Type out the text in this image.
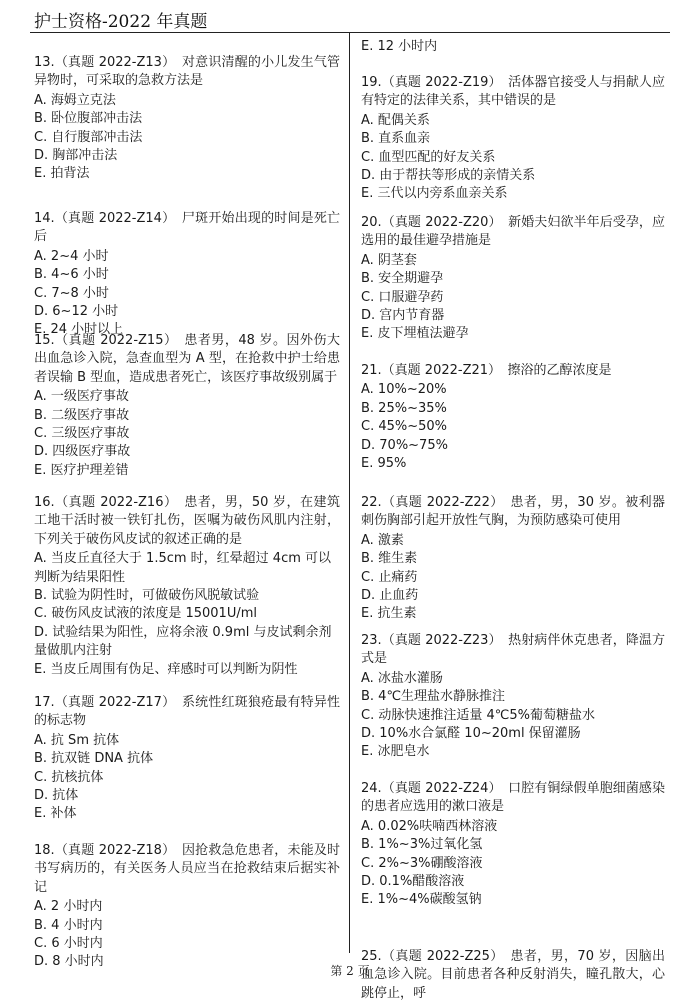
护士资格-2022 年真题

13.（真题 2022-Z13）　对意识清醒的小儿发生气管异物时，可采取的急救方法是

A. 海姆立克法

B. 卧位腹部冲击法

C. 自行腹部冲击法

D. 胸部冲击法

E. 拍背法

14.（真题 2022-Z14）　尸斑开始出现的时间是死亡后

A. 2~4 小时

B. 4~6 小时

C. 7~8 小时

D. 6~12 小时

E. 24 小时以上

15.（真题 2022-Z15）　患者男，48 岁。因外伤大出血急诊入院，急查血型为 A 型，在抢救中护士给患者误输 B 型血，造成患者死亡，该医疗事故级别属于

A. 一级医疗事故

B. 二级医疗事故

C. 三级医疗事故

D. 四级医疗事故

E. 医疗护理差错

16.（真题 2022-Z16）　患者，男，50 岁，在建筑工地干活时被一铁钉扎伤，医嘱为破伤风肌内注射，下列关于破伤风皮试的叙述正确的是

A. 当皮丘直径大于 1.5cm 时，红晕超过 4cm 可以判断为结果阳性

B. 试验为阴性时，可做破伤风脱敏试验

C. 破伤风皮试液的浓度是 15001U/ml

D. 试验结果为阳性，应将余液 0.9ml 与皮试剩余剂量做肌内注射

E. 当皮丘周围有伪足、痒感时可以判断为阴性

17.（真题 2022-Z17）　系统性红斑狼疮最有特异性的标志物

A. 抗 Sm 抗体

B. 抗双链 DNA 抗体

C. 抗核抗体

D. 抗体

E. 补体

18.（真题 2022-Z18）　因抢救急危患者，未能及时书写病历的，有关医务人员应当在抢救结束后据实补记

A. 2 小时内

B. 4 小时内

C. 6 小时内

D. 8 小时内

E. 12 小时内

19.（真题 2022-Z19）　活体器官接受人与捐献人应有特定的法律关系，其中错误的是

A. 配偶关系

B. 直系血亲

C. 血型匹配的好友关系

D. 由于帮扶等形成的亲情关系

E. 三代以内旁系血亲关系

20.（真题 2022-Z20）　新婚夫妇欲半年后受孕，应选用的最佳避孕措施是

A. 阴茎套

B. 安全期避孕

C. 口服避孕药

D. 宫内节育器

E. 皮下埋植法避孕

21.（真题 2022-Z21）　擦浴的乙醇浓度是

A. 10%~20%

B. 25%~35%

C. 45%~50%

D. 70%~75%

E. 95%

22.（真题 2022-Z22）　患者，男，30 岁。被利器刺伤胸部引起开放性气胸，为预防感染可使用

A. 激素

B. 维生素

C. 止痛药

D. 止血药

E. 抗生素

23.（真题 2022-Z23）　热射病伴休克患者，降温方式是

A. 冰盐水灌肠

B. 4℃生理盐水静脉推注

C. 动脉快速推注适量 4℃5%葡萄糖盐水

D. 10%水合氯醛 10~20ml 保留灌肠

E. 冰肥皂水

24.（真题 2022-Z24）　口腔有铜绿假单胞细菌感染的患者应选用的漱口液是

A. 0.02%呋喃西林溶液

B. 1%~3%过氧化氢

C. 2%~3%硼酸溶液

D. 0.1%醋酸溶液

E. 1%~4%碳酸氢钠

25.（真题 2022-Z25）　患者，男，70 岁，因脑出血急诊入院。目前患者各种反射消失，瞳孔散大，心跳停止，呼

第 2 页
